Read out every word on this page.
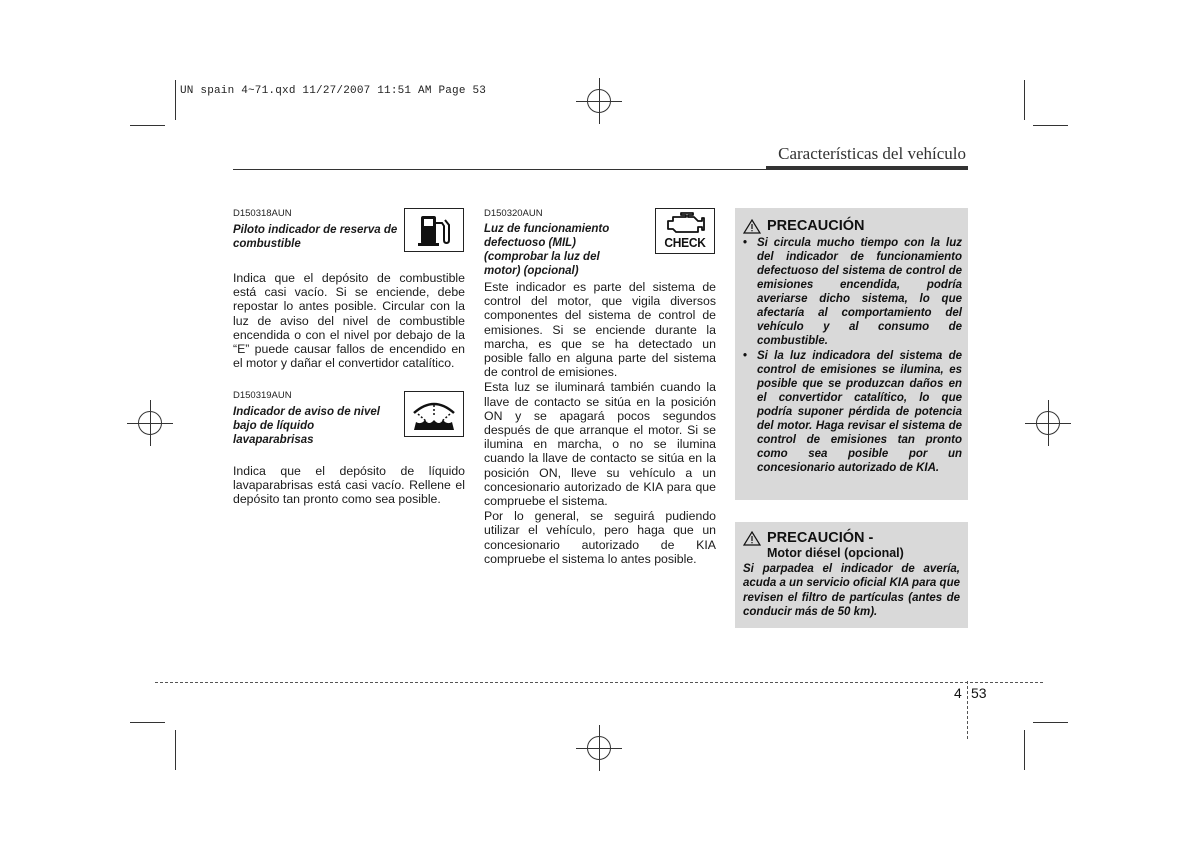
UN spain 4~71.qxd 11/27/2007 11:51 AM Page 53
Características del vehículo
D150318AUN
Piloto indicador de reserva de combustible
Indica que el depósito de combustible está casi vacío. Si se enciende, debe repostar lo antes posible. Circular con la luz de aviso del nivel de combustible encendida o con el nivel por debajo de la “E” puede causar fallos de encendido en el motor y dañar el convertidor catalítico.
D150319AUN
Indicador de aviso de nivel bajo de líquido lavaparabrisas
Indica que el depósito de líquido lavaparabrisas está casi vacío. Rellene el depósito tan pronto como sea posible.
D150320AUN
Luz de funcionamiento defectuoso (MIL) (comprobar la luz del motor) (opcional)

Este indicador es parte del sistema de control del motor, que vigila diversos componentes del sistema de control de emisiones. Si se enciende durante la marcha, es que se ha detectado un posible fallo en alguna parte del sistema de control de emisiones.

Esta luz se iluminará también cuando la llave de contacto se sitúa en la posición ON y se apagará pocos segundos después de que arranque el motor. Si se ilumina en marcha, o no se ilumina cuando la llave de contacto se sitúa en la posición ON, lleve su vehículo a un concesionario autorizado de KIA para que compruebe el sistema.

Por lo general, se seguirá pudiendo utilizar el vehículo, pero haga que un concesionario autorizado de KIA compruebe el sistema lo antes posible.

CHECK
PRECAUCIÓN
• Si circula mucho tiempo con la luz del indicador de funcionamiento defectuoso del sistema de control de emisiones encendida, podría averiarse dicho sistema, lo que afectaría al comportamiento del vehículo y al consumo de combustible.
• Si la luz indicadora del sistema de control de emisiones se ilumina, es posible que se produzcan daños en el convertidor catalítico, lo que podría suponer pérdida de potencia del motor. Haga revisar el sistema de control de emisiones tan pronto como sea posible por un concesionario autorizado de KIA.
PRECAUCIÓN -
Motor diésel (opcional)
Si parpadea el indicador de avería, acuda a un servicio oficial KIA para que revisen el filtro de partículas (antes de conducir más de 50 km).
4 53
